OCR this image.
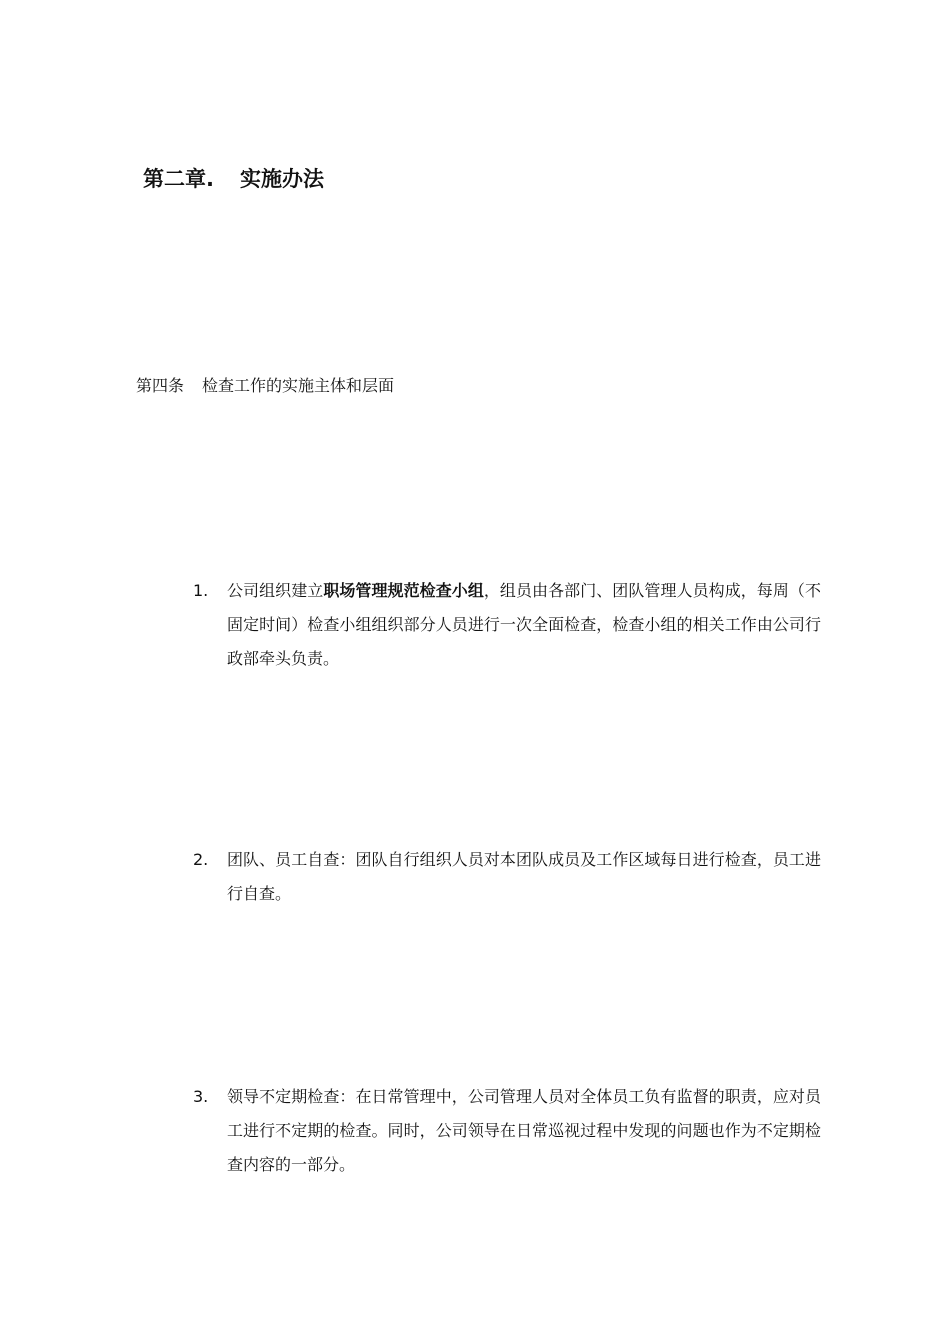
第二章. 实施办法
第四条 检查工作的实施主体和层面
1.	公司组织建立职场管理规范检查小组，组员由各部门、团队管理人员构成，每周（不固定时间）检查小组组织部分人员进行一次全面检查，检查小组的相关工作由公司行政部牵头负责。
2.	团队、员工自查：团队自行组织人员对本团队成员及工作区域每日进行检查，员工进行自查。
3.	领导不定期检查：在日常管理中，公司管理人员对全体员工负有监督的职责，应对员工进行不定期的检查。同时，公司领导在日常巡视过程中发现的问题也作为不定期检查内容的一部分。
